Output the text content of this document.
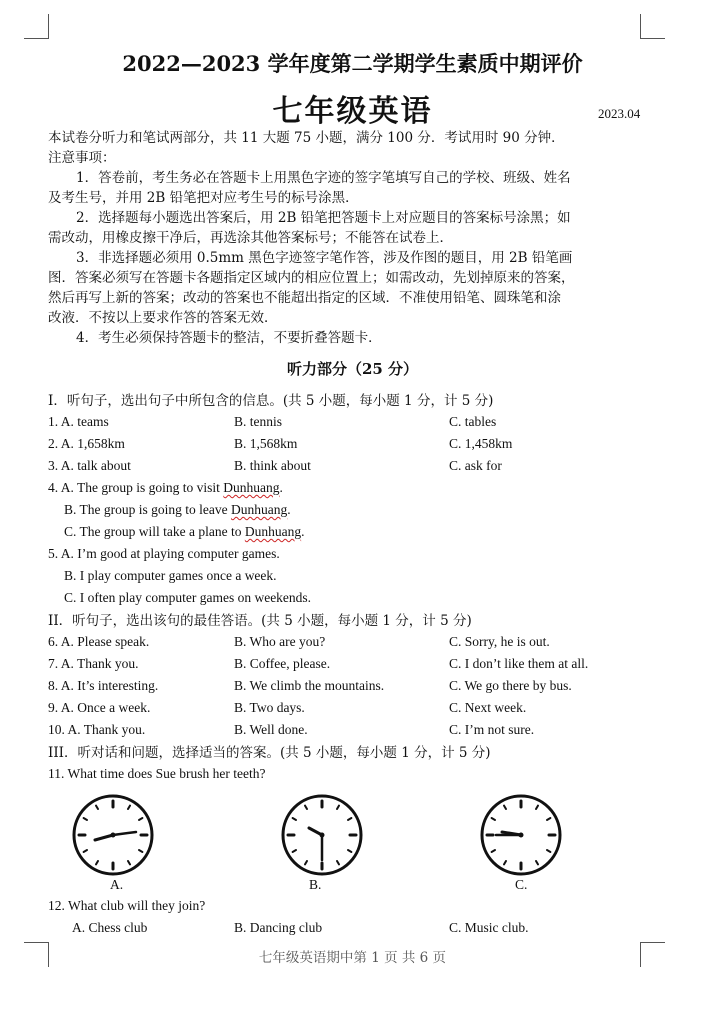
2022—2023 学年度第二学期学生素质中期评价
七年级英语	2023.04
本试卷分听力和笔试两部分，共 11 大题 75 小题，满分 100 分．考试用时 90 分钟．
注意事项：
1．答卷前，考生务必在答题卡上用黑色字迹的签字笔填写自己的学校、班级、姓名
及考生号，并用 2B 铅笔把对应考生号的标号涂黑．
2．选择题每小题选出答案后，用 2B 铅笔把答题卡上对应题目的答案标号涂黑；如
需改动，用橡皮擦干净后，再选涂其他答案标号；不能答在试卷上．
3．非选择题必须用 0.5mm 黑色字迹签字笔作答，涉及作图的题目，用 2B 铅笔画
图．答案必须写在答题卡各题指定区域内的相应位置上；如需改动，先划掉原来的答案，
然后再写上新的答案；改动的答案也不能超出指定的区域．不准使用铅笔、圆珠笔和涂
改液．不按以上要求作答的答案无效．
4．考生必须保持答题卡的整洁，不要折叠答题卡．
听力部分（25 分）
I．听句子，选出句子中所包含的信息。(共 5 小题，每小题 1 分，计 5 分)
1. A. teams	B. tennis	C. tables
2. A. 1,658km	B. 1,568km	C. 1,458km
3. A. talk about	B. think about	C. ask for
4. A. The group is going to visit Dunhuang.
B. The group is going to leave Dunhuang.
C. The group will take a plane to Dunhuang.
5. A. I’m good at playing computer games.
B. I play computer games once a week.
C. I often play computer games on weekends.
II．听句子，选出该句的最佳答语。(共 5 小题，每小题 1 分，计 5 分)
6. A. Please speak.	B. Who are you?	C. Sorry, he is out.
7. A. Thank you.	B. Coffee, please.	C. I don’t like them at all.
8. A. It’s interesting.	B. We climb the mountains.	C. We go there by bus.
9. A. Once a week.	B. Two days.	C. Next week.
10. A. Thank you.	B. Well done.	C. I’m not sure.
III．听对话和问题，选择适当的答案。(共 5 小题，每小题 1 分，计 5 分)
11. What time does Sue brush her teeth?
A.	B.	C.
12. What club will they join?
A. Chess club	B. Dancing club	C. Music club.
七年级英语期中第 1 页 共 6 页
